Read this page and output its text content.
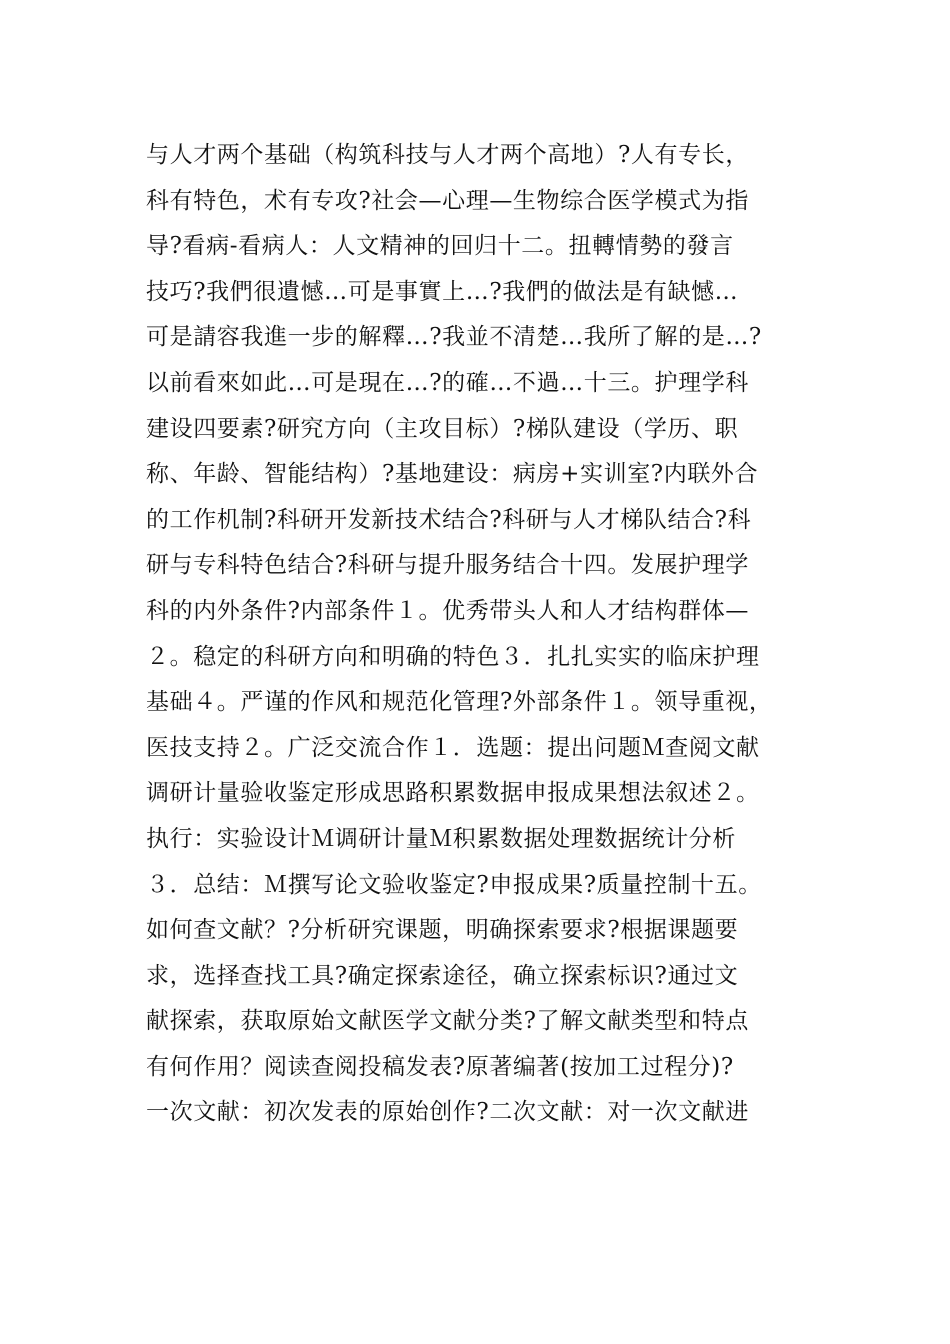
与人才两个基础（构筑科技与人才两个高地）?人有专长，
科有特色，术有专攻?社会—心理—生物综合医学模式为指
导?看病-看病人：人文精神的回归十二。扭轉情勢的發言
技巧?我們很遺憾…可是事實上…?我們的做法是有缺憾…
可是請容我進一步的解釋…?我並不清楚…我所了解的是…?
以前看來如此…可是現在…?的確…不過…十三。护理学科
建设四要素?研究方向（主攻目标）?梯队建设（学历、职
称、年龄、智能结构）?基地建设：病房+实训室?内联外合
的工作机制?科研开发新技术结合?科研与人才梯队结合?科
研与专科特色结合?科研与提升服务结合十四。发展护理学
科的内外条件?内部条件１。优秀带头人和人才结构群体—
２。稳定的科研方向和明确的特色３．扎扎实实的临床护理
基础４。严谨的作风和规范化管理?外部条件１。领导重视，
医技支持２。广泛交流合作１．选题：提出问题Ｍ查阅文献
调研计量验收鉴定形成思路积累数据申报成果想法叙述２。
执行：实验设计Ｍ调研计量Ｍ积累数据处理数据统计分析
３．总结：Ｍ撰写论文验收鉴定?申报成果?质量控制十五。
如何查文献？?分析研究课题，明确探索要求?根据课题要
求，选择查找工具?确定探索途径，确立探索标识?通过文
献探索，获取原始文献医学文献分类?了解文献类型和特点
有何作用？阅读查阅投稿发表?原著编著(按加工过程分)?
一次文献：初次发表的原始创作?二次文献：对一次文献进
